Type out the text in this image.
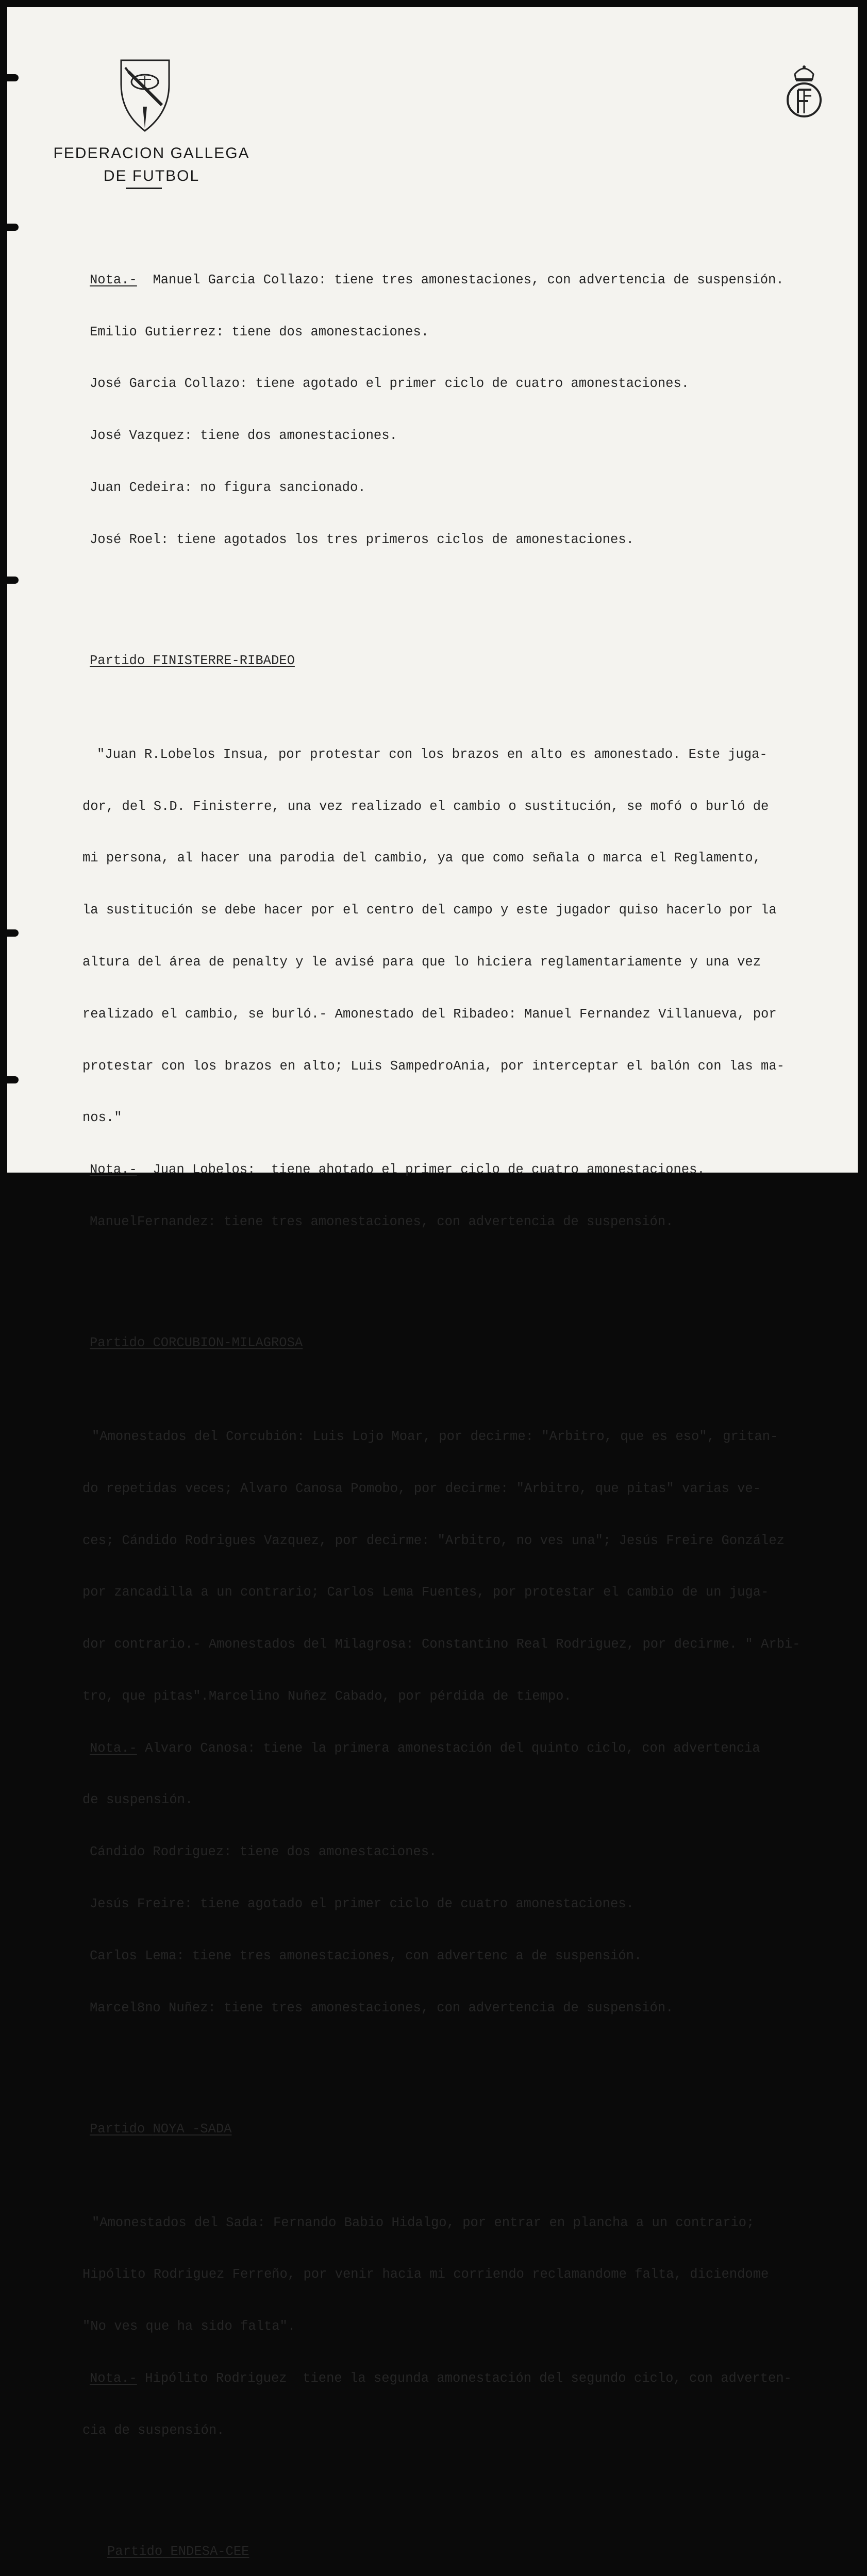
FEDERACION GALLEGA
DE FUTBOL

Nota.- Manuel Garcia Collazo: tiene tres amonestaciones, con advertencia de suspensión.

Emilio Gutierrez: tiene dos amonestaciones.

José Garcia Collazo: tiene agotado el primer ciclo de cuatro amonestaciones.

José Vazquez: tiene dos amonestaciones.

Juan Cedeira: no figura sancionado.

José Roel: tiene agotados los tres primeros ciclos de amonestaciones.

Partido FINISTERRE-RIBADEO

"Juan R.Lobelos Insua, por protestar con los brazos en alto es amonestado. Este juga-

dor, del S.D. Finisterre, una vez realizado el cambio o sustitución, se mofó o burló de

mi persona, al hacer una parodia del cambio, ya que como señala o marca el Reglamento,

la sustitución se debe hacer por el centro del campo y este jugador quiso hacerlo por la

altura del área de penalty y le avisé para que lo hiciera reglamentariamente y una vez

realizado el cambio, se burló.- Amonestado del Ribadeo: Manuel Fernandez Villanueva, por

protestar con los brazos en alto; Luis SampedroAnia, por interceptar el balón con las ma-

nos."

Nota.- Juan Lobelos:  tiene ahotado el primer ciclo de cuatro amonestaciones.

ManuelFernandez: tiene tres amonestaciones, con advertencia de suspensión.

Partido CORCUBION-MILAGROSA

"Amonestados del Corcubión: Luis Lojo Moar, por decirme: "Arbitro, que es eso", gritan-

do repetidas veces; Alvaro Canosa Pomobo, por decirme: "Arbitro, que pitas" varias ve-

ces; Cándido Rodrigues Vazquez, por decirme: "Arbitro, no ves una"; Jesús Freire González

por zancadilla a un contrario; Carlos Lema Fuentes, por protestar el cambio de un juga-

dor contrario.- Amonestados del Milagrosa: Constantino Real Rodriguez, por decirme. " Arbi-

tro, que pitas".Marcelino Nuñez Cabado, por pérdida de tiempo.

Nota.- Alvaro Canosa: tiene la primera amonestación del quinto ciclo, con advertencia

de suspensión.

Cándido Rodriguez: tiene dos amonestaciones.

Jesús Freire: tiene agotado el primer ciclo de cuatro amonestaciones.

Carlos Lema: tiene tres amonestaciones, con advertenc a de suspensión.

Marcel8no Nuñez: tiene tres amonestaciones, con advertencia de suspensión.

Partido NOYA -SADA

"Amonestados del Sada: Fernando Babio Hidalgo, por entrar en plancha a un contrario;

Hipólito Rodriguez Ferreño, por venir hacia mi corriendo reclamandome falta, diciendome

"No ves que ha sido falta".

Nota.- Hipólito Rodriguez  tiene la segunda amonestación del segundo ciclo, con adverten-

cia de suspensión.

Partido ENDESA-CEE
